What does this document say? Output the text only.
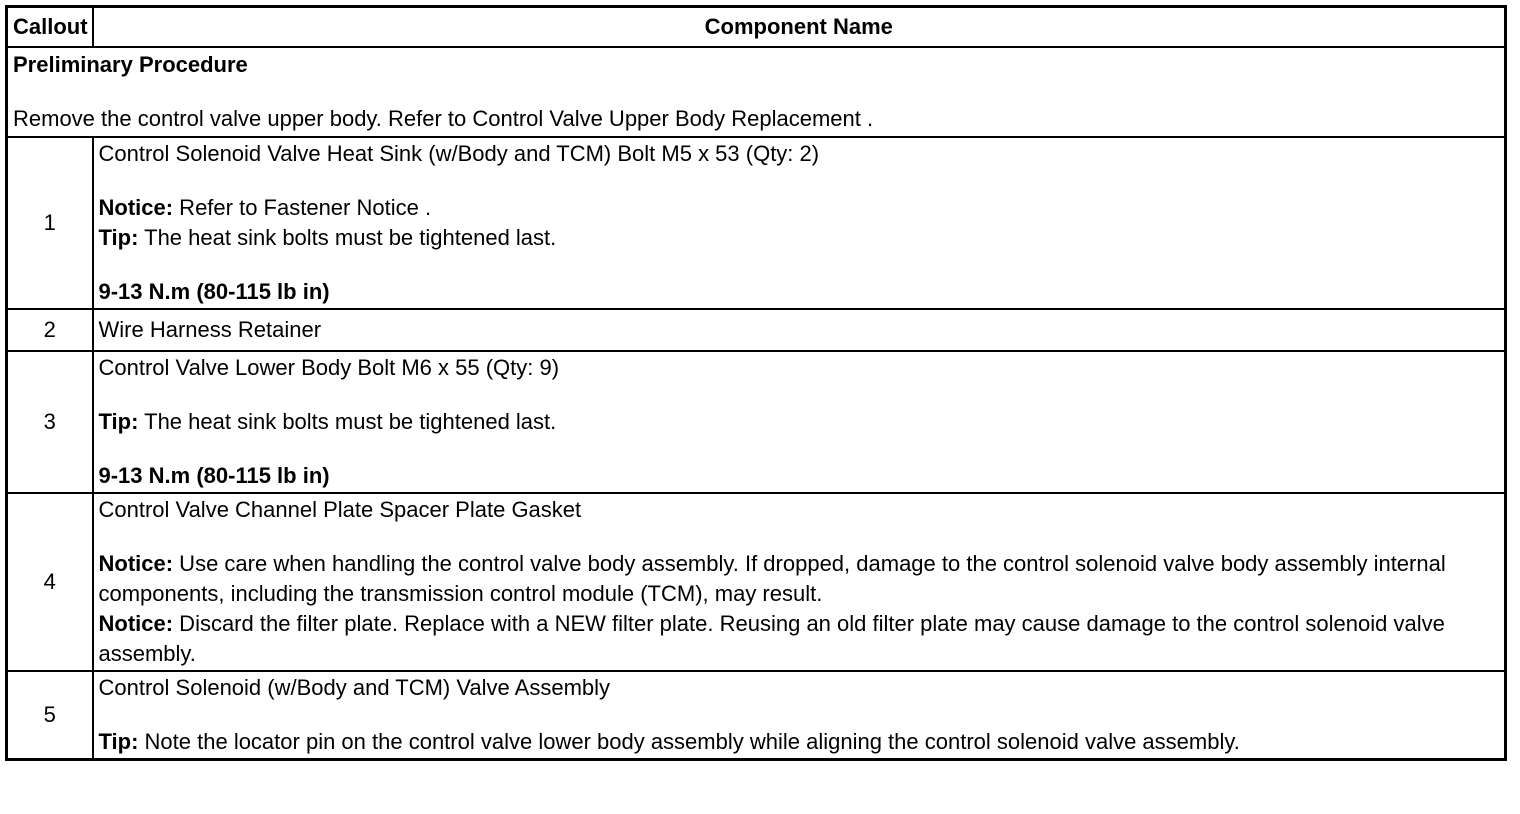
Callout	Component Name

Preliminary Procedure

Remove the control valve upper body. Refer to Control Valve Upper Body Replacement .	

1	Control Solenoid Valve Heat Sink (w/Body and TCM) Bolt M5 x 53 (Qty: 2)

Notice: Refer to Fastener Notice .

Tip: The heat sink bolts must be tightened last.

9-13 N.m (80-115 lb in)

2	Wire Harness Retainer

3	Control Valve Lower Body Bolt M6 x 55 (Qty: 9)

Tip: The heat sink bolts must be tightened last.

9-13 N.m (80-115 lb in)

4	Control Valve Channel Plate Spacer Plate Gasket

Notice: Use care when handling the control valve body assembly. If dropped, damage to the control solenoid valve body assembly internal components, including the transmission control module (TCM), may result.

Notice: Discard the filter plate. Replace with a NEW filter plate. Reusing an old filter plate may cause damage to the control solenoid valve assembly.

5	Control Solenoid (w/Body and TCM) Valve Assembly

Tip: Note the locator pin on the control valve lower body assembly while aligning the control solenoid valve assembly.
